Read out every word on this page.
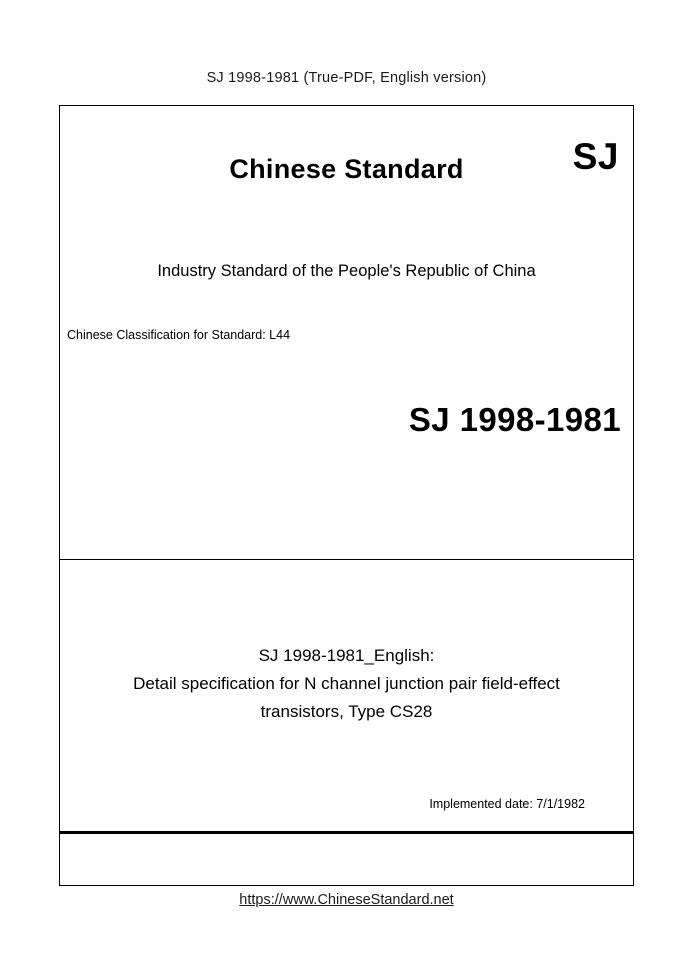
SJ 1998-1981 (True-PDF, English version)
Chinese Standard	SJ
Industry Standard of the People's Republic of China
Chinese Classification for Standard: L44
SJ 1998-1981
SJ 1998-1981_English:
Detail specification for N channel junction pair field-effect
transistors, Type CS28
Implemented date: 7/1/1982
https://www.ChineseStandard.net
